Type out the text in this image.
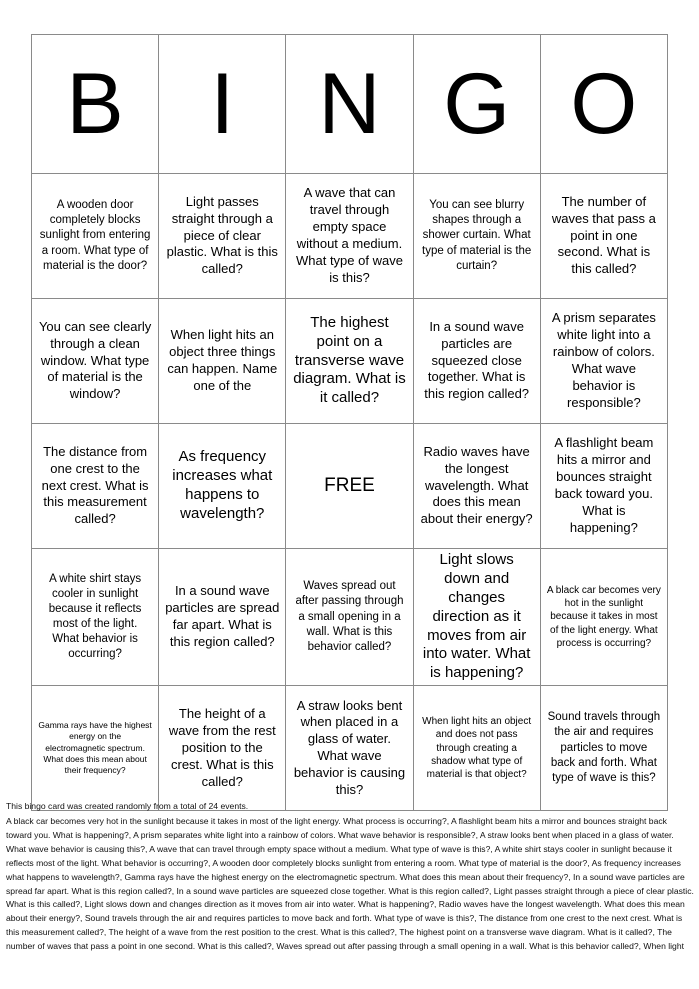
B	I	N	G	O

A wooden door completely blocks sunlight from entering a room. What type of material is the door?	Light passes straight through a piece of clear plastic. What is this called?	A wave that can travel through empty space without a medium. What type of wave is this?	You can see blurry shapes through a shower curtain. What type of material is the curtain?	The number of waves that pass a point in one second. What is this called?

You can see clearly through a clean window. What type of material is the window?	When light hits an object three things can happen. Name one of the	The highest point on a transverse wave diagram. What is it called?	In a sound wave particles are squeezed close together. What is this region called?	A prism separates white light into a rainbow of colors. What wave behavior is responsible?

The distance from one crest to the next crest. What is this measurement called?	As frequency increases what happens to wavelength?	FREE	Radio waves have the longest wavelength. What does this mean about their energy?	A flashlight beam hits a mirror and bounces straight back toward you. What is happening?

A white shirt stays cooler in sunlight because it reflects most of the light. What behavior is occurring?	In a sound wave particles are spread far apart. What is this region called?	Waves spread out after passing through a small opening in a wall. What is this behavior called?	Light slows down and changes direction as it moves from air into water. What is happening?	A black car becomes very hot in the sunlight because it takes in most of the light energy. What process is occurring?

Gamma rays have the highest energy on the electromagnetic spectrum. What does this mean about their frequency?	The height of a wave from the rest position to the crest. What is this called?	A straw looks bent when placed in a glass of water. What wave behavior is causing this?	When light hits an object and does not pass through creating a shadow what type of material is that object?	Sound travels through the air and requires particles to move back and forth. What type of wave is this?

This bingo card was created randomly from a total of 24 events.

A black car becomes very hot in the sunlight because it takes in most of the light energy. What process is occurring?, A flashlight beam hits a mirror and bounces straight back toward you. What is happening?, A prism separates white light into a rainbow of colors. What wave behavior is responsible?, A straw looks bent when placed in a glass of water. What wave behavior is causing this?, A wave that can travel through empty space without a medium. What type of wave is this?, A white shirt stays cooler in sunlight because it reflects most of the light. What behavior is occurring?, A wooden door completely blocks sunlight from entering a room. What type of material is the door?, As frequency increases what happens to wavelength?, Gamma rays have the highest energy on the electromagnetic spectrum. What does this mean about their frequency?, In a sound wave particles are spread far apart. What is this region called?, In a sound wave particles are squeezed close together. What is this region called?, Light passes straight through a piece of clear plastic. What is this called?, Light slows down and changes direction as it moves from air into water. What is happening?, Radio waves have the longest wavelength. What does this mean about their energy?, Sound travels through the air and requires particles to move back and forth. What type of wave is this?, The distance from one crest to the next crest. What is this measurement called?, The height of a wave from the rest position to the crest. What is this called?, The highest point on a transverse wave diagram. What is it called?, The number of waves that pass a point in one second. What is this called?, Waves spread out after passing through a small opening in a wall. What is this behavior called?, When light
